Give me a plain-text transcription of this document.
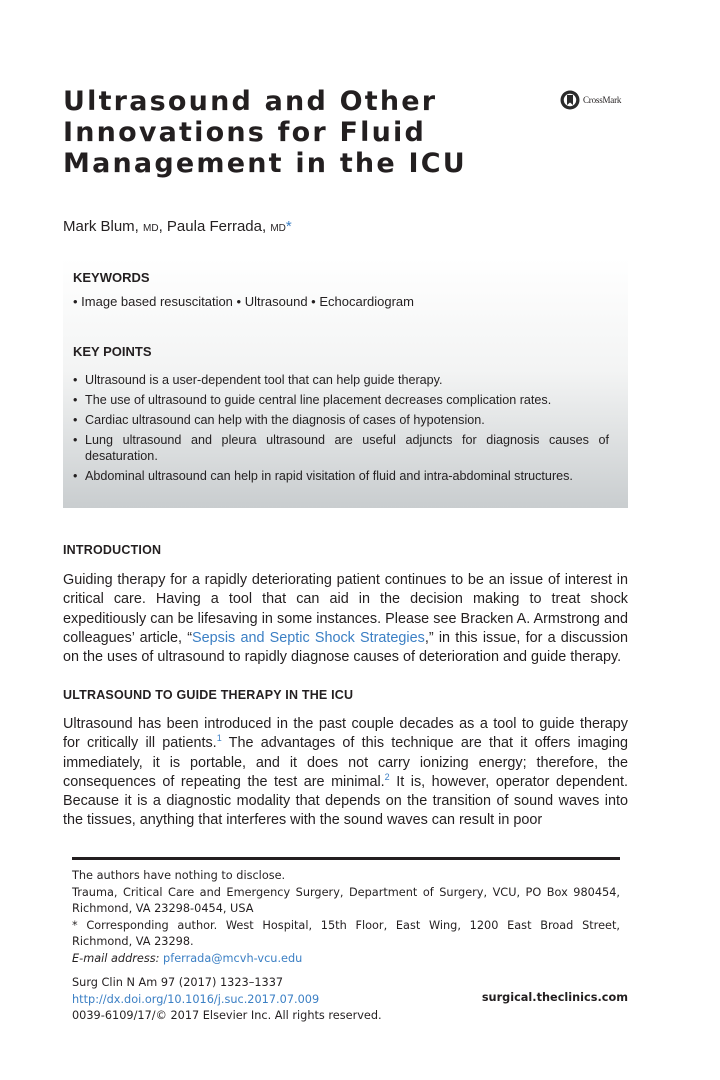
Ultrasound and Other Innovations for Fluid Management in the ICU
CrossMark
Mark Blum, MD, Paula Ferrada, MD*
KEYWORDS
• Image based resuscitation • Ultrasound • Echocardiogram
KEY POINTS
• Ultrasound is a user-dependent tool that can help guide therapy.
• The use of ultrasound to guide central line placement decreases complication rates.
• Cardiac ultrasound can help with the diagnosis of cases of hypotension.
• Lung ultrasound and pleura ultrasound are useful adjuncts for diagnosis causes of desaturation.
• Abdominal ultrasound can help in rapid visitation of fluid and intra-abdominal structures.
INTRODUCTION

Guiding therapy for a rapidly deteriorating patient continues to be an issue of interest in critical care. Having a tool that can aid in the decision making to treat shock expeditiously can be lifesaving in some instances. Please see Bracken A. Armstrong and colleagues’ article, “Sepsis and Septic Shock Strategies,” in this issue, for a discussion on the uses of ultrasound to rapidly diagnose causes of deterioration and guide therapy.

ULTRASOUND TO GUIDE THERAPY IN THE ICU

Ultrasound has been introduced in the past couple decades as a tool to guide therapy for critically ill patients.$^1$ The advantages of this technique are that it offers imaging immediately, it is portable, and it does not carry ionizing energy; therefore, the consequences of repeating the test are minimal.$^2$ It is, however, operator dependent. Because it is a diagnostic modality that depends on the transition of sound waves into the tissues, anything that interferes with the sound waves can result in poor

The authors have nothing to disclose.

Trauma, Critical Care and Emergency Surgery, Department of Surgery, VCU, PO Box 980454, Richmond, VA 23298-0454, USA

* Corresponding author. West Hospital, 15th Floor, East Wing, 1200 East Broad Street, Richmond, VA 23298.

E-mail address: pferrada@mcvh-vcu.edu

Surg Clin N Am 97 (2017) 1323–1337
http://dx.doi.org/10.1016/j.suc.2017.07.009
0039-6109/17/© 2017 Elsevier Inc. All rights reserved.
surgical.theclinics.com
